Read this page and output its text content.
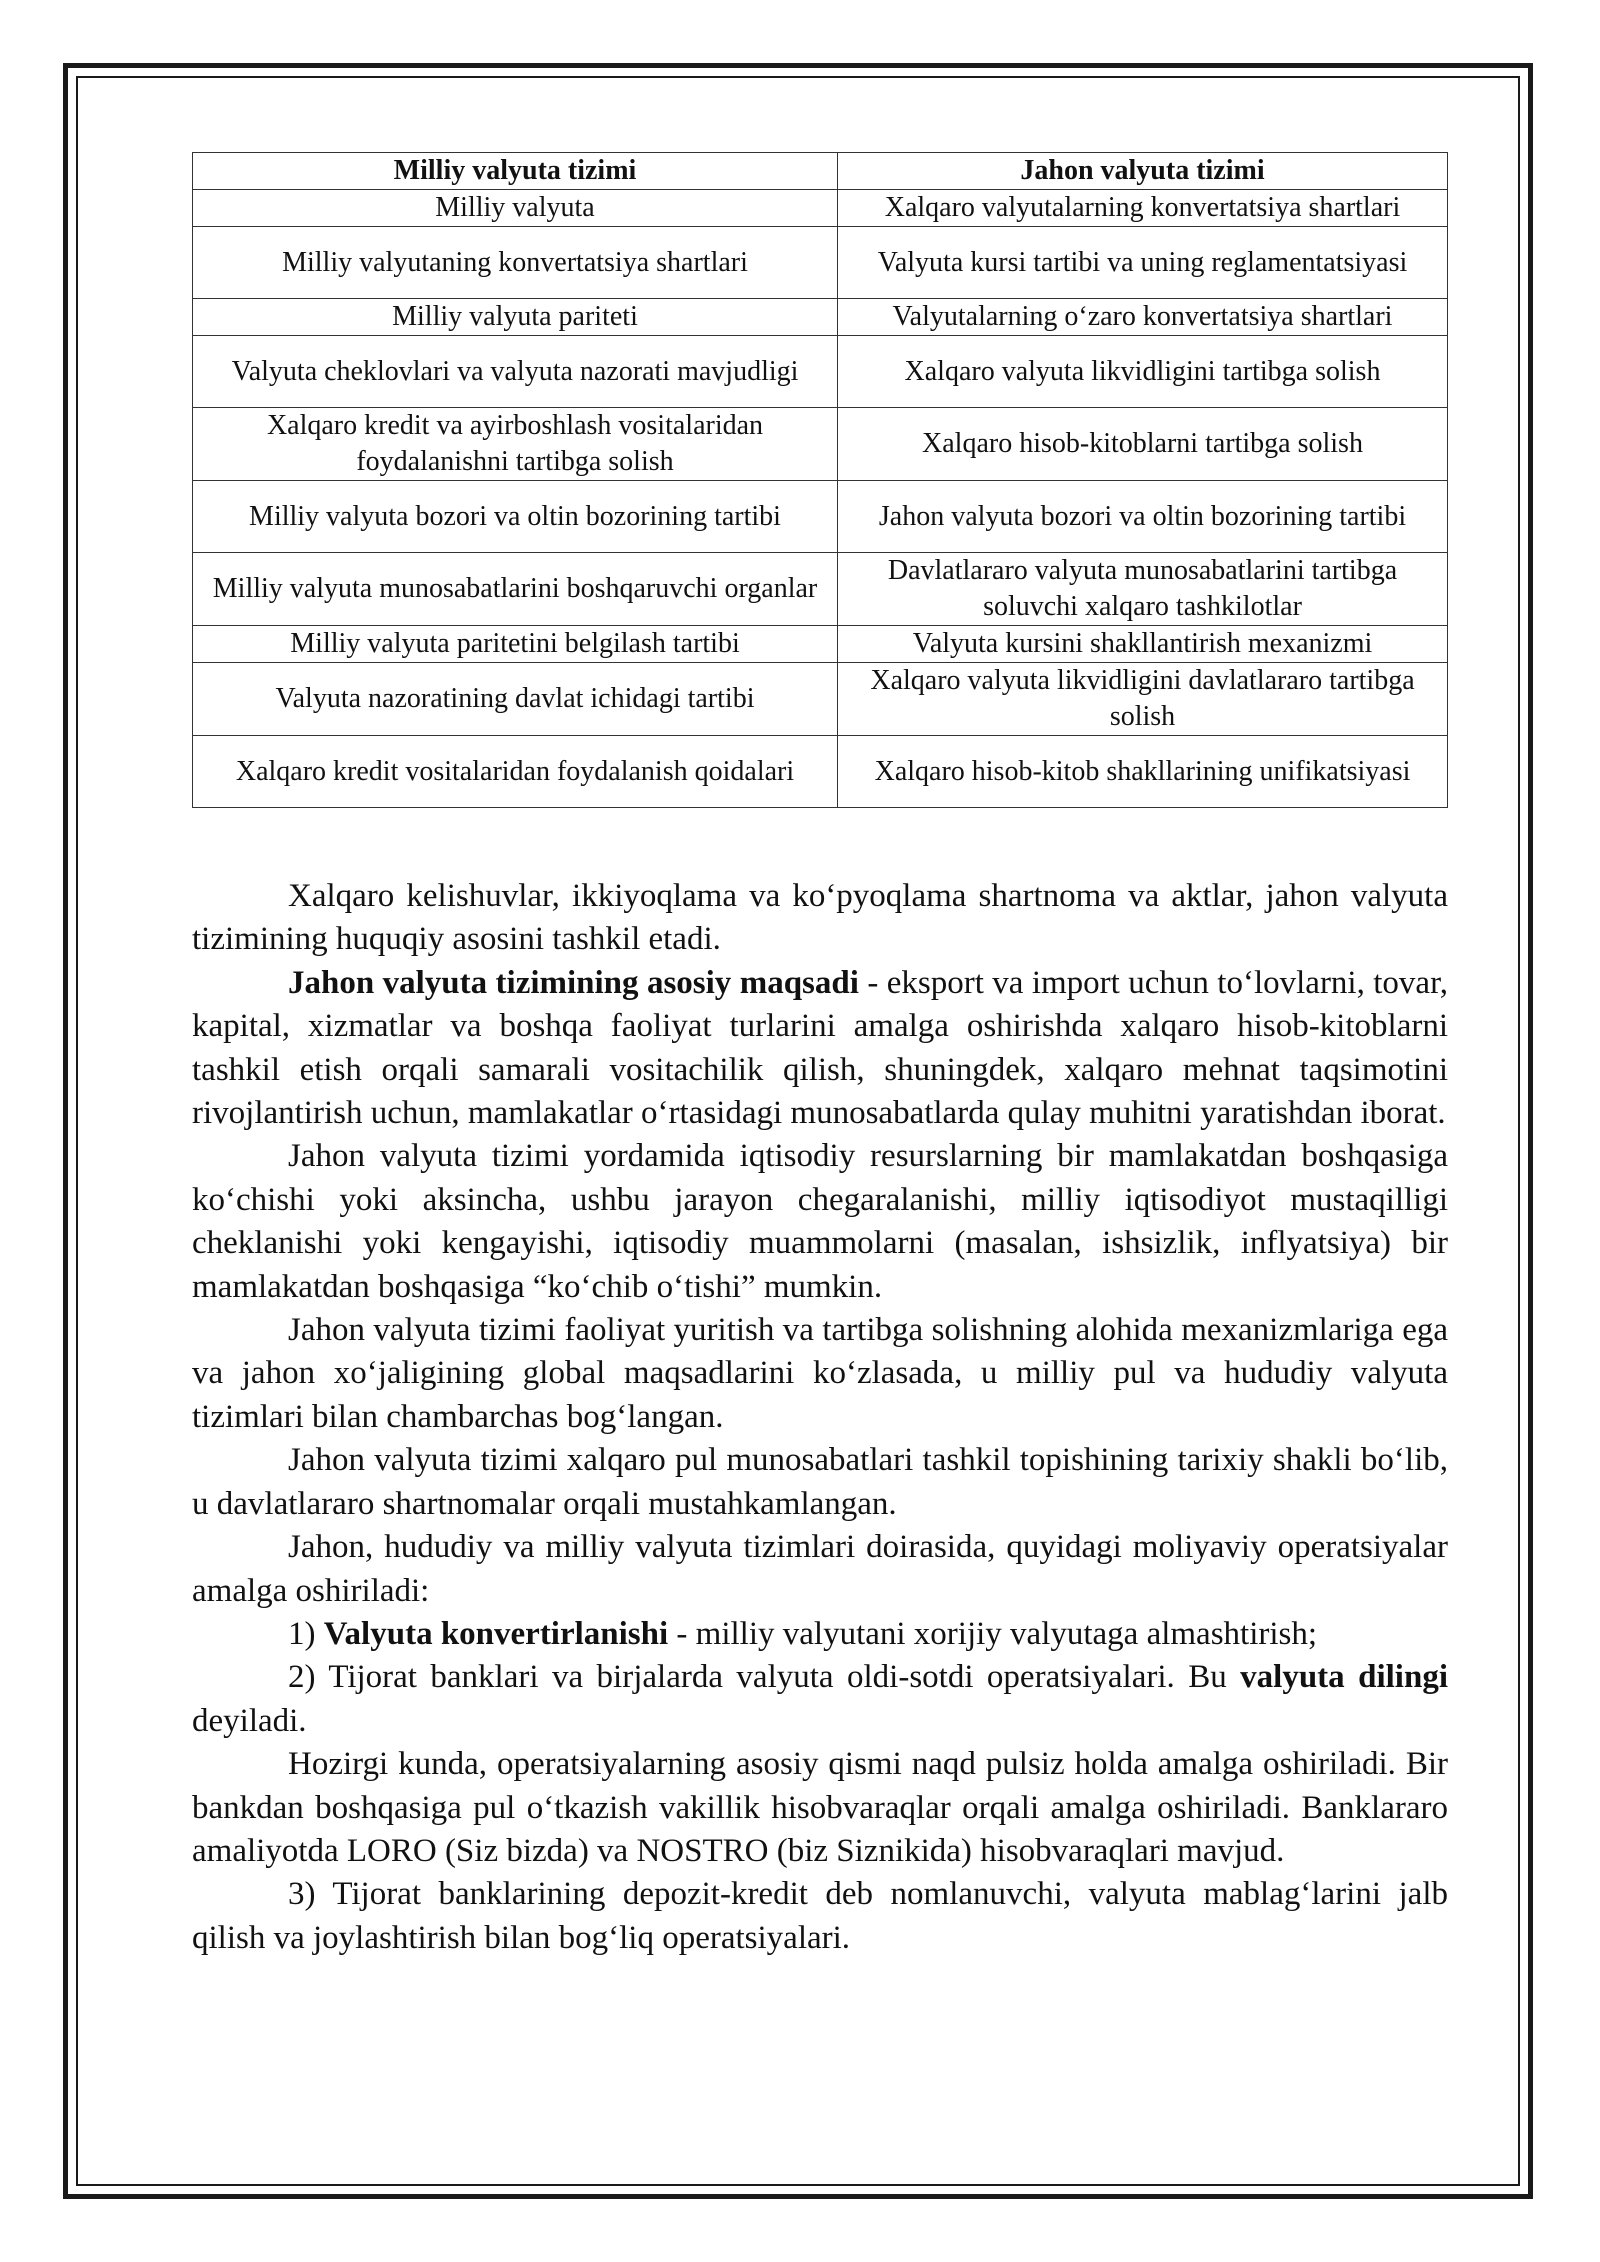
Milliy valyuta tizimi	Jahon valyuta tizimi
Milliy valyuta	Xalqaro valyutalarning konvertatsiya shartlari
Milliy valyutaning konvertatsiya shartlari	Valyuta kursi tartibi va uning reglamentatsiyasi
Milliy valyuta pariteti	Valyutalarning o‘zaro konvertatsiya shartlari
Valyuta cheklovlari va valyuta nazorati mavjudligi	Xalqaro valyuta likvidligini tartibga solish
Xalqaro kredit va ayirboshlash vositalaridan foydalanishni tartibga solish	Xalqaro hisob-kitoblarni tartibga solish
Milliy valyuta bozori va oltin bozorining tartibi	Jahon valyuta bozori va oltin bozorining tartibi
Milliy valyuta munosabatlarini boshqaruvchi organlar	Davlatlararo valyuta munosabatlarini tartibga soluvchi xalqaro tashkilotlar
Milliy valyuta paritetini belgilash tartibi	Valyuta kursini shakllantirish mexanizmi
Valyuta nazoratining davlat ichidagi tartibi	Xalqaro valyuta likvidligini davlatlararo tartibga solish
Xalqaro kredit vositalaridan foydalanish qoidalari	Xalqaro hisob-kitob shakllarining unifikatsiyasi

Xalqaro kelishuvlar, ikkiyoqlama va ko‘pyoqlama shartnoma va aktlar, jahon valyuta tizimining huquqiy asosini tashkil etadi.

Jahon valyuta tizimining asosiy maqsadi - eksport va import uchun to‘lovlarni, tovar, kapital, xizmatlar va boshqa faoliyat turlarini amalga oshirishda xalqaro hisob-kitoblarni tashkil etish orqali samarali vositachilik qilish, shuningdek, xalqaro mehnat taqsimotini rivojlantirish uchun, mamlakatlar o‘rtasidagi munosabatlarda qulay muhitni yaratishdan iborat.

Jahon valyuta tizimi yordamida iqtisodiy resurslarning bir mamlakatdan boshqasiga ko‘chishi yoki aksincha, ushbu jarayon chegaralanishi, milliy iqtisodiyot mustaqilligi cheklanishi yoki kengayishi, iqtisodiy muammolarni (masalan, ishsizlik, inflyatsiya) bir mamlakatdan boshqasiga “ko‘chib o‘tishi” mumkin.

Jahon valyuta tizimi faoliyat yuritish va tartibga solishning alohida mexanizmlariga ega va jahon xo‘jaligining global maqsadlarini ko‘zlasada, u milliy pul va hududiy valyuta tizimlari bilan chambarchas bog‘langan.

Jahon valyuta tizimi xalqaro pul munosabatlari tashkil topishining tarixiy shakli bo‘lib, u davlatlararo shartnomalar orqali mustahkamlangan.

Jahon, hududiy va milliy valyuta tizimlari doirasida, quyidagi moliyaviy operatsiyalar amalga oshiriladi:

1) Valyuta konvertirlanishi - milliy valyutani xorijiy valyutaga almashtirish;

2) Tijorat banklari va birjalarda valyuta oldi-sotdi operatsiyalari. Bu valyuta dilingi deyiladi.

Hozirgi kunda, operatsiyalarning asosiy qismi naqd pulsiz holda amalga oshiriladi. Bir bankdan boshqasiga pul o‘tkazish vakillik hisobvaraqlar orqali amalga oshiriladi. Banklararo amaliyotda LORO (Siz bizda) va NOSTRO (biz Siznikida) hisobvaraqlari mavjud.

3) Tijorat banklarining depozit-kredit deb nomlanuvchi, valyuta mablag‘larini jalb qilish va joylashtirish bilan bog‘liq operatsiyalari.
